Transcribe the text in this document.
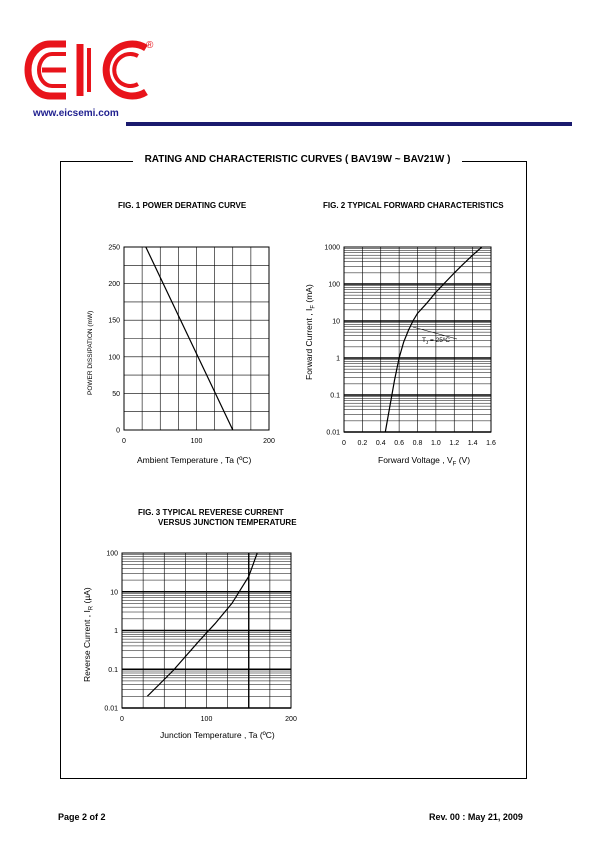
®
www.eicsemi.com
RATING AND CHARACTERISTIC CURVES ( BAV19W ~ BAV21W )
FIG. 1 POWER DERATING CURVE
0	100	200
0
50
100
150
200
250
POWER DISSIPATION (mW)
Ambient Temperature , Ta (ºC)
FIG. 2 TYPICAL FORWARD CHARACTERISTICS
0 0.2 0.4 0.6 0.8 1.0 1.2 1.4 1.6
0.01
0.1
1
10
100
1000
$T_J$ = 25ºC
Forward Current , $I_F$ (mA)
Forward Voltage , $V_F$ (V)
FIG. 3 TYPICAL REVERESE CURRENT
VERSUS JUNCTION TEMPERATURE
0	100	200
0.01
0.1
1
10
100
Reverse Current , $I_R$ (µA)
Junction Temperature , Ta (ºC)
Page 2 of 2	Rev. 00 : May 21, 2009
